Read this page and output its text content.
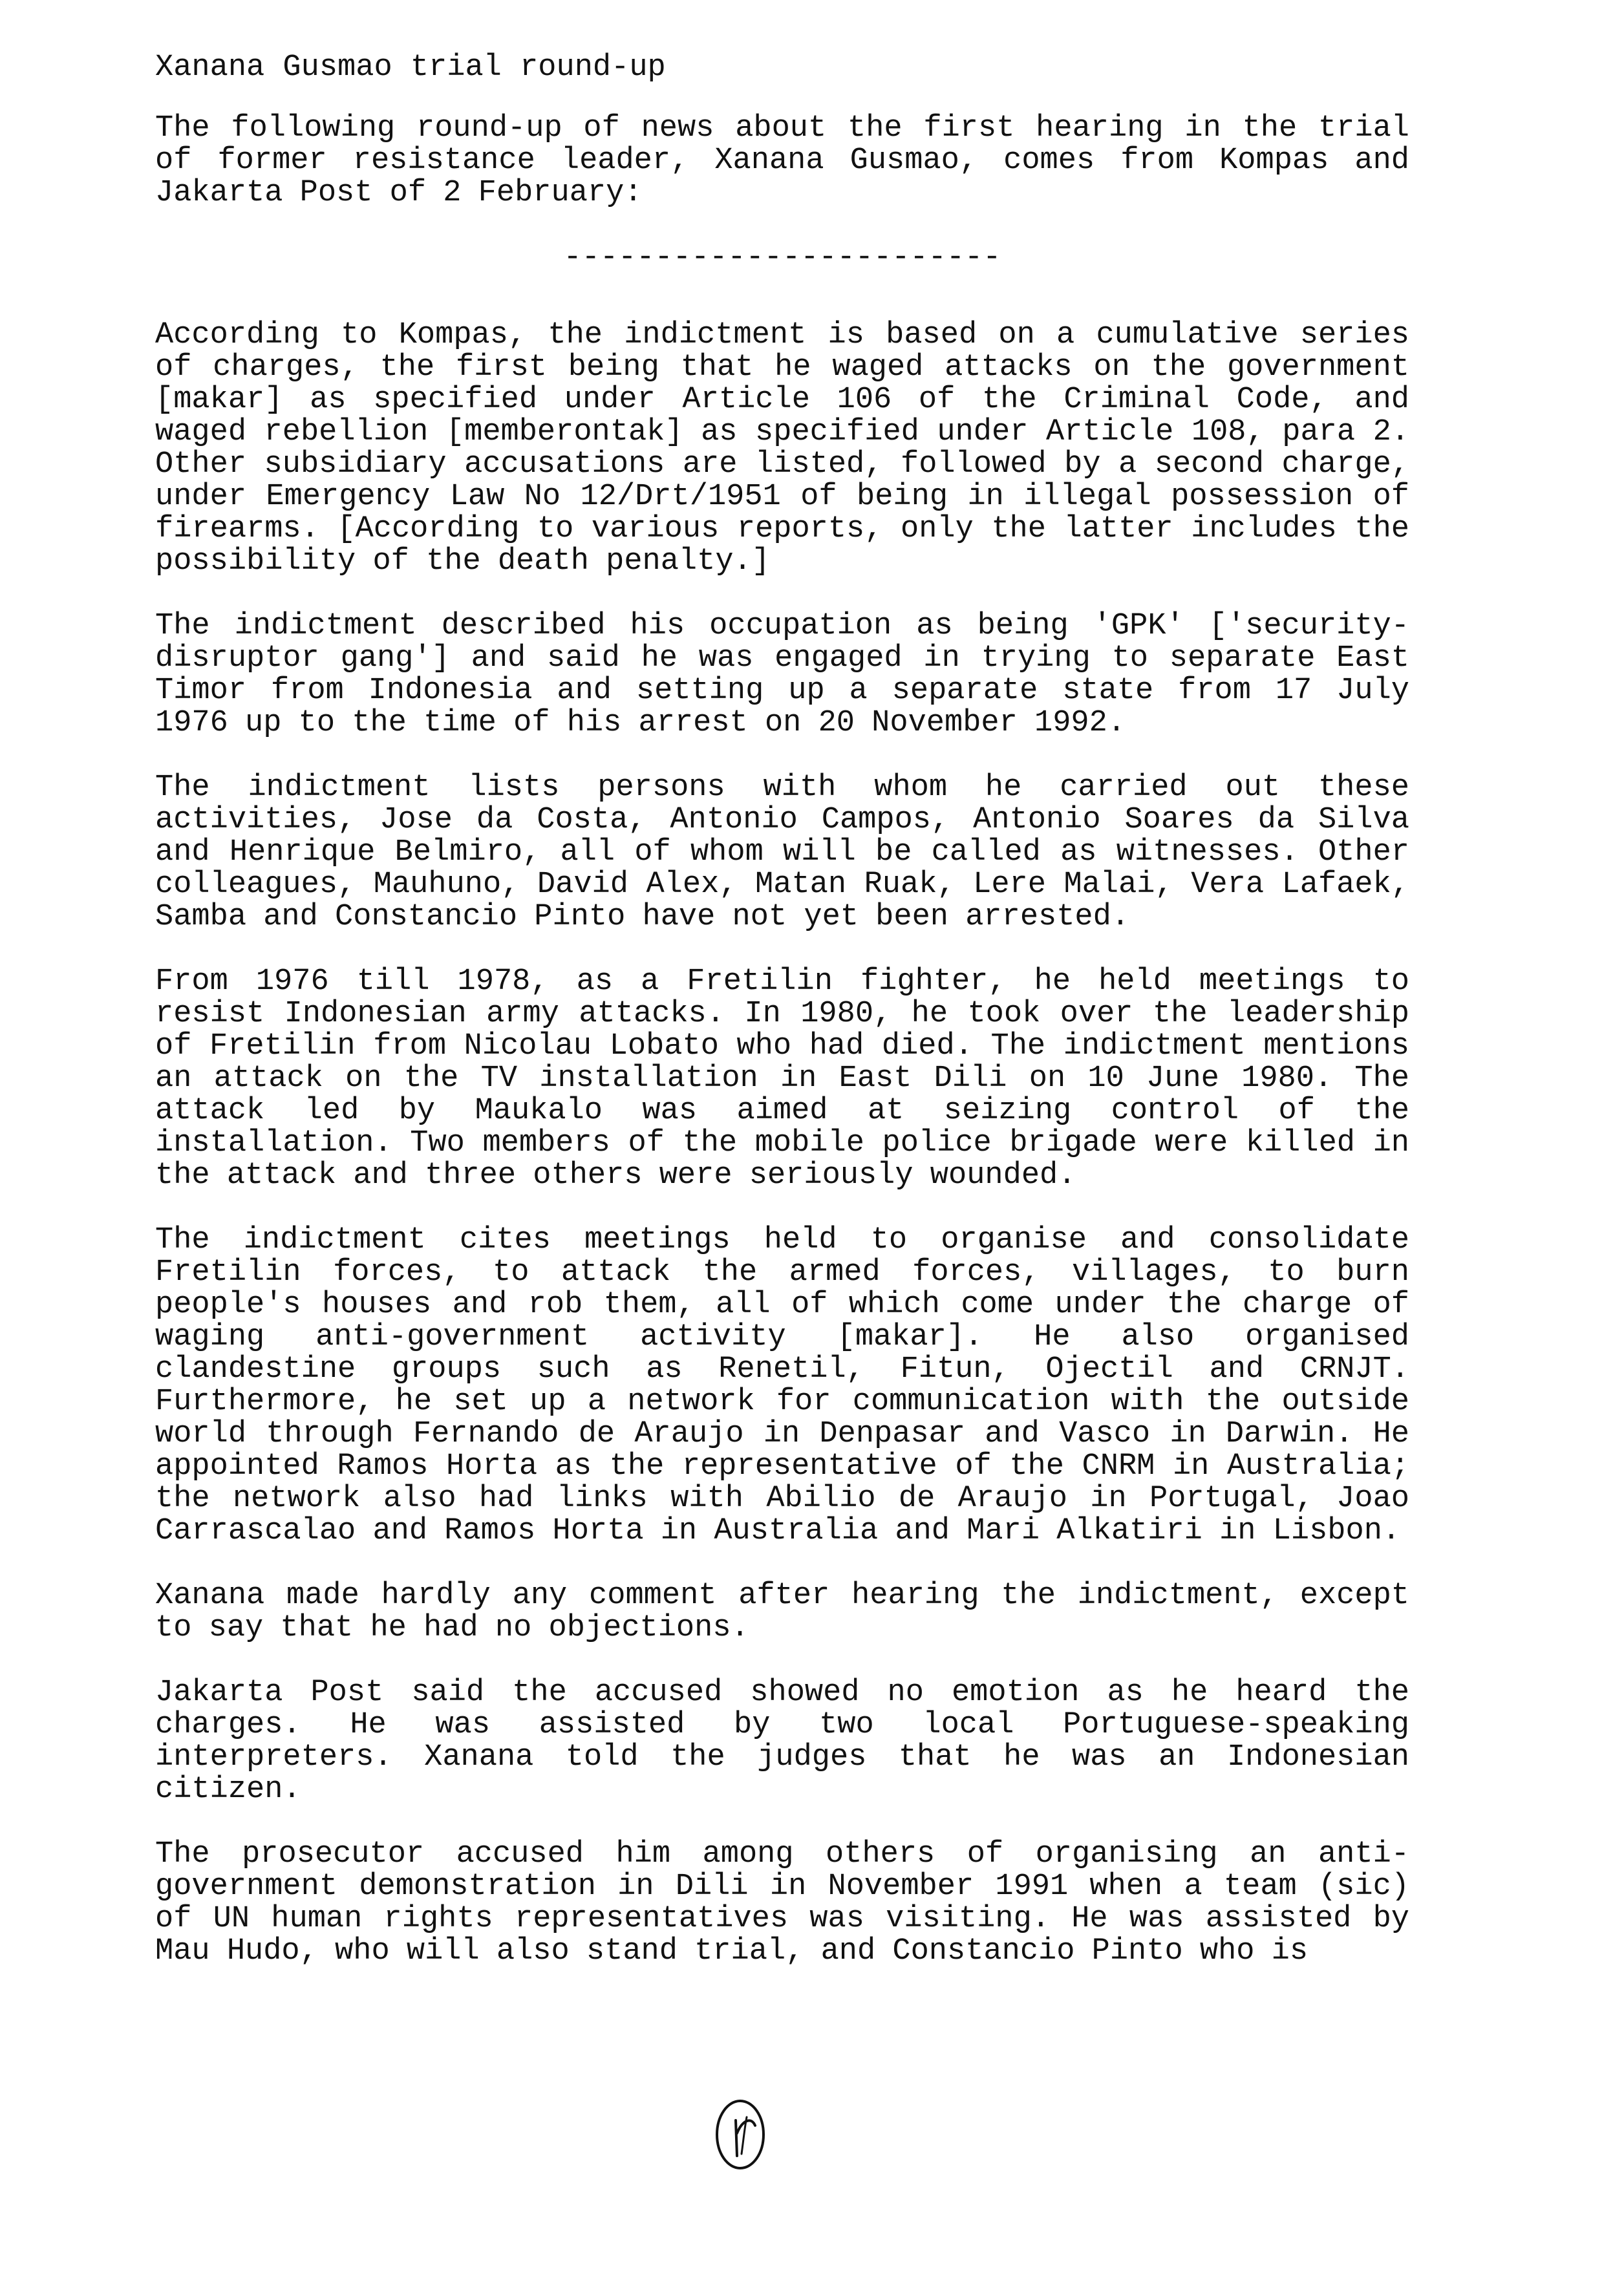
Xanana Gusmao trial round-up
The following round-up of news about the first hearing in the trial of former resistance leader, Xanana Gusmao, comes from Kompas and Jakarta Post of 2 February:
------------------------
According to Kompas, the indictment is based on a cumulative series of charges, the first being that he waged attacks on the government [makar] as specified under Article 106 of the Criminal Code, and waged rebellion [memberontak] as specified under Article 108, para 2. Other subsidiary accusations are listed, followed by a second charge, under Emergency Law No 12/Drt/1951 of being in illegal possession of firearms. [According to various reports, only the latter includes the possibility of the death penalty.]
The indictment described his occupation as being 'GPK' ['security-disruptor gang'] and said he was engaged in trying to separate East Timor from Indonesia and setting up a separate state from 17 July 1976 up to the time of his arrest on 20 November 1992.
The indictment lists persons with whom he carried out these activities, Jose da Costa, Antonio Campos, Antonio Soares da Silva and Henrique Belmiro, all of whom will be called as witnesses. Other colleagues, Mauhuno, David Alex, Matan Ruak, Lere Malai, Vera Lafaek, Samba and Constancio Pinto have not yet been arrested.
From 1976 till 1978, as a Fretilin fighter, he held meetings to resist Indonesian army attacks. In 1980, he took over the leadership of Fretilin from Nicolau Lobato who had died. The indictment mentions an attack on the TV installation in East Dili on 10 June 1980. The attack led by Maukalo was aimed at seizing control of the installation. Two members of the mobile police brigade were killed in the attack and three others were seriously wounded.
The indictment cites meetings held to organise and consolidate Fretilin forces, to attack the armed forces, villages, to burn people's houses and rob them, all of which come under the charge of waging anti-government activity [makar]. He also organised clandestine groups such as Renetil, Fitun, Ojectil and CRNJT. Furthermore, he set up a network for communication with the outside world through Fernando de Araujo in Denpasar and Vasco in Darwin. He appointed Ramos Horta as the representative of the CNRM in Australia; the network also had links with Abilio de Araujo in Portugal, Joao Carrascalao and Ramos Horta in Australia and Mari Alkatiri in Lisbon.
Xanana made hardly any comment after hearing the indictment, except to say that he had no objections.
Jakarta Post said the accused showed no emotion as he heard the charges. He was assisted by two local Portuguese-speaking interpreters. Xanana told the judges that he was an Indonesian citizen.
The prosecutor accused him among others of organising an anti-government demonstration in Dili in November 1991 when a team (sic) of UN human rights representatives was visiting. He was assisted by Mau Hudo, who will also stand trial, and Constancio Pinto who is
